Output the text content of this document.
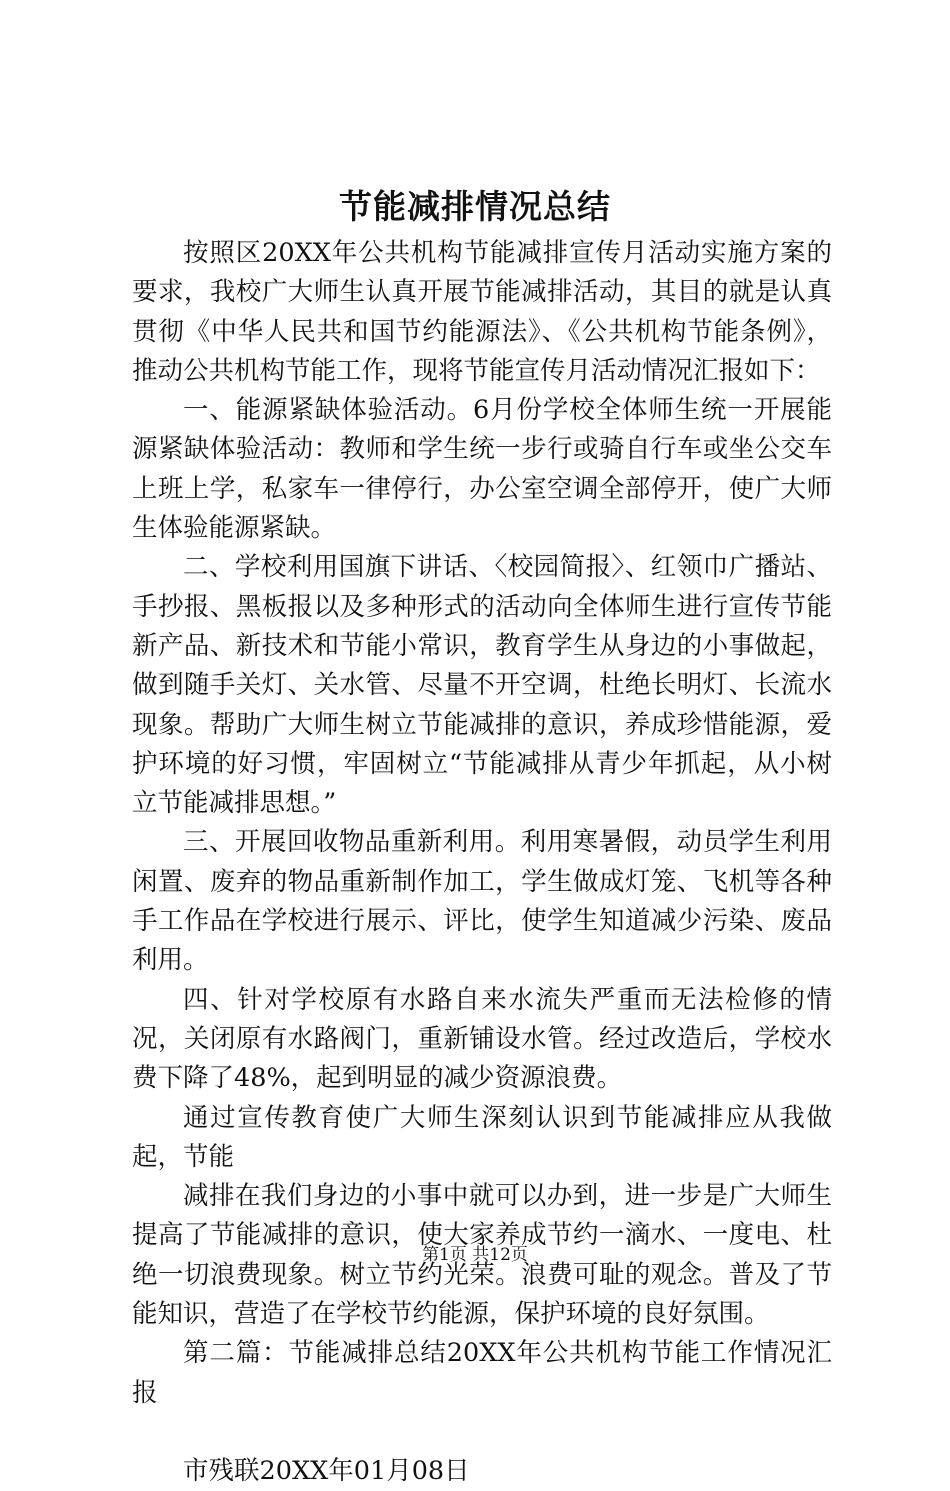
节能减排情况总结

按照区20XX年公共机构节能减排宣传月活动实施方案的要求，我校广大师生认真开展节能减排活动，其目的就是认真贯彻《中华人民共和国节约能源法》、《公共机构节能条例》，推动公共机构节能工作，现将节能宣传月活动情况汇报如下：

一、能源紧缺体验活动。6月份学校全体师生统一开展能源紧缺体验活动：教师和学生统一步行或骑自行车或坐公交车上班上学，私家车一律停行，办公室空调全部停开，使广大师生体验能源紧缺。

二、学校利用国旗下讲话、〈校园简报〉、红领巾广播站、手抄报、黑板报以及多种形式的活动向全体师生进行宣传节能新产品、新技术和节能小常识，教育学生从身边的小事做起，做到随手关灯、关水管、尽量不开空调，杜绝长明灯、长流水现象。帮助广大师生树立节能减排的意识，养成珍惜能源，爱护环境的好习惯，牢固树立“节能减排从青少年抓起，从小树立节能减排思想。”

三、开展回收物品重新利用。利用寒暑假，动员学生利用闲置、废弃的物品重新制作加工，学生做成灯笼、飞机等各种手工作品在学校进行展示、评比，使学生知道减少污染、废品利用。

四、针对学校原有水路自来水流失严重而无法检修的情况，关闭原有水路阀门，重新铺设水管。经过改造后，学校水费下降了48%，起到明显的减少资源浪费。

通过宣传教育使广大师生深刻认识到节能减排应从我做起，节能

减排在我们身边的小事中就可以办到，进一步是广大师生提高了节能减排的意识，使大家养成节约一滴水、一度电、杜绝一切浪费现象。树立节约光荣。浪费可耻的观念。普及了节能知识，营造了在学校节约能源，保护环境的良好氛围。

第二篇：节能减排总结20XX年公共机构节能工作情况汇报

市残联20XX年01月08日

第1页 共12页
